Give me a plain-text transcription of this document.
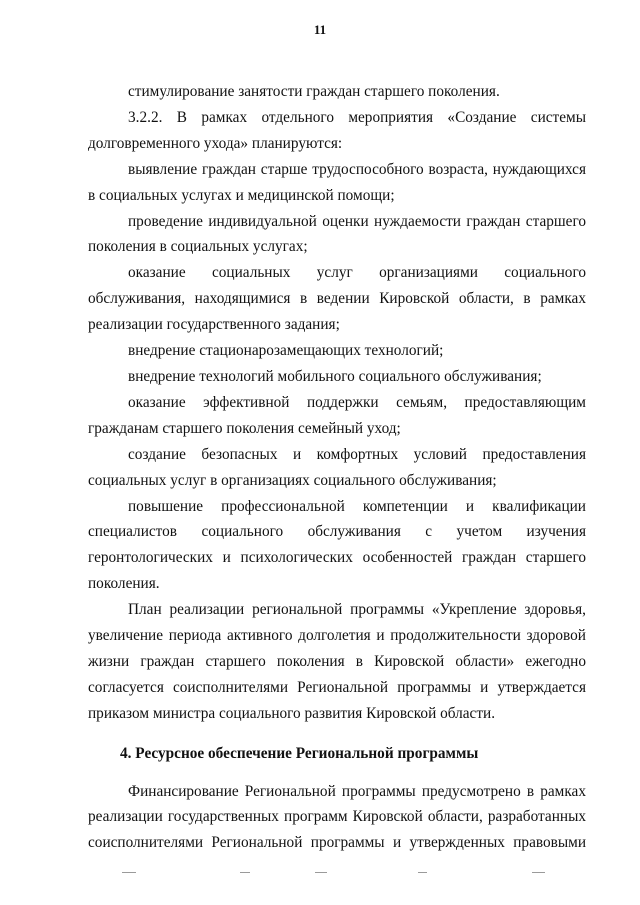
11

стимулирование занятости граждан старшего поколения.

3.2.2. В рамках отдельного мероприятия «Создание системы долговременного ухода» планируются:

выявление граждан старше трудоспособного возраста, нуждающихся в социальных услугах и медицинской помощи;

проведение индивидуальной оценки нуждаемости граждан старшего поколения в социальных услугах;

оказание социальных услуг организациями социального обслуживания, находящимися в ведении Кировской области, в рамках реализации государственного задания;

внедрение стационарозамещающих технологий;

внедрение технологий мобильного социального обслуживания;

оказание эффективной поддержки семьям, предоставляющим гражданам старшего поколения семейный уход;

создание безопасных и комфортных условий предоставления социальных услуг в организациях социального обслуживания;

повышение профессиональной компетенции и квалификации специалистов социального обслуживания с учетом изучения геронтологических и психологических особенностей граждан старшего поколения.

План реализации региональной программы «Укрепление здоровья, увеличение периода активного долголетия и продолжительности здоровой жизни граждан старшего поколения в Кировской области» ежегодно согласуется соисполнителями Региональной программы и утверждается приказом министра социального развития Кировской области.

4. Ресурсное обеспечение Региональной программы

Финансирование Региональной программы предусмотрено в рамках реализации государственных программ Кировской области, разработанных соисполнителями Региональной программы и утвержденных правовыми
